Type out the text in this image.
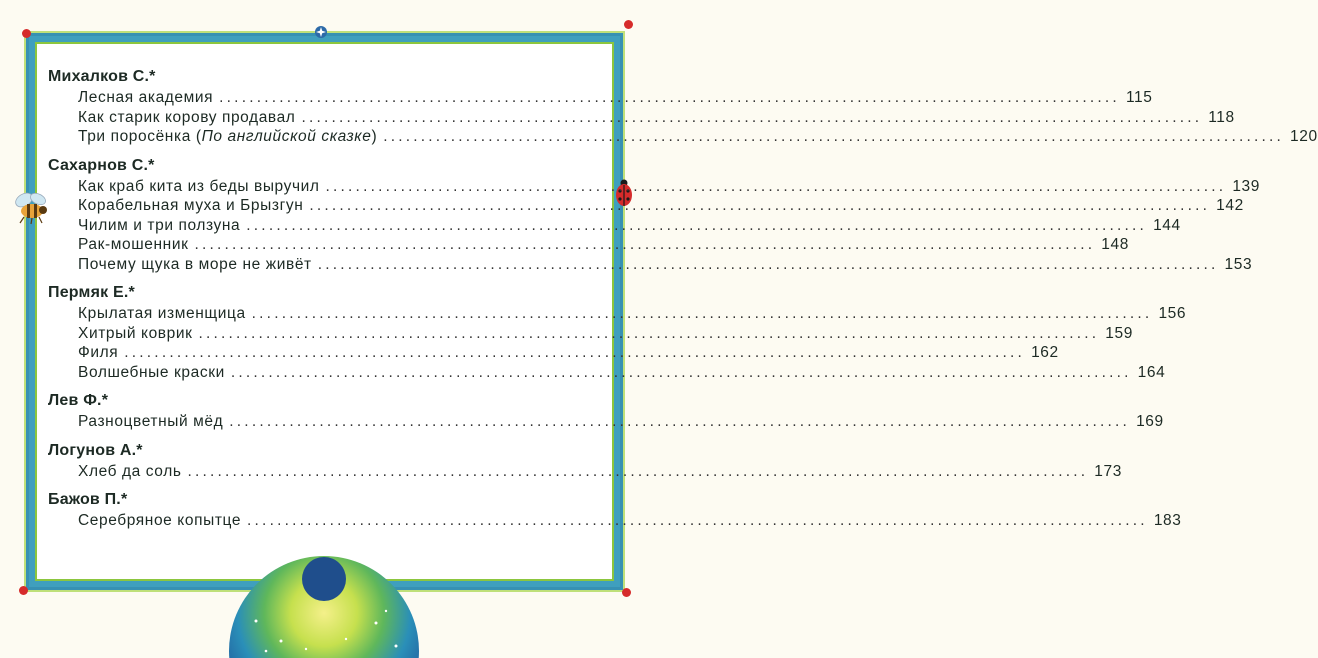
Михалков С.*
Лесная академия ........................................................................................................................ 115
Как старик корову продавал ........................................................................................................................ 118
Три поросёнка (По английской сказке) ........................................................................................................................ 120
Сахарнов С.*
Как краб кита из беды выручил ........................................................................................................................ 139
Корабельная муха и Брызгун ........................................................................................................................ 142
Чилим и три ползуна ........................................................................................................................ 144
Рак-мошенник ........................................................................................................................ 148
Почему щука в море не живёт ........................................................................................................................ 153
Пермяк Е.*
Крылатая изменщица ........................................................................................................................ 156
Хитрый коврик ........................................................................................................................ 159
Филя ........................................................................................................................ 162
Волшебные краски ........................................................................................................................ 164
Лев Ф.*
Разноцветный мёд ........................................................................................................................ 169
Логунов А.*
Хлеб да соль ........................................................................................................................ 173
Бажов П.*
Серебряное копытце ........................................................................................................................ 183
